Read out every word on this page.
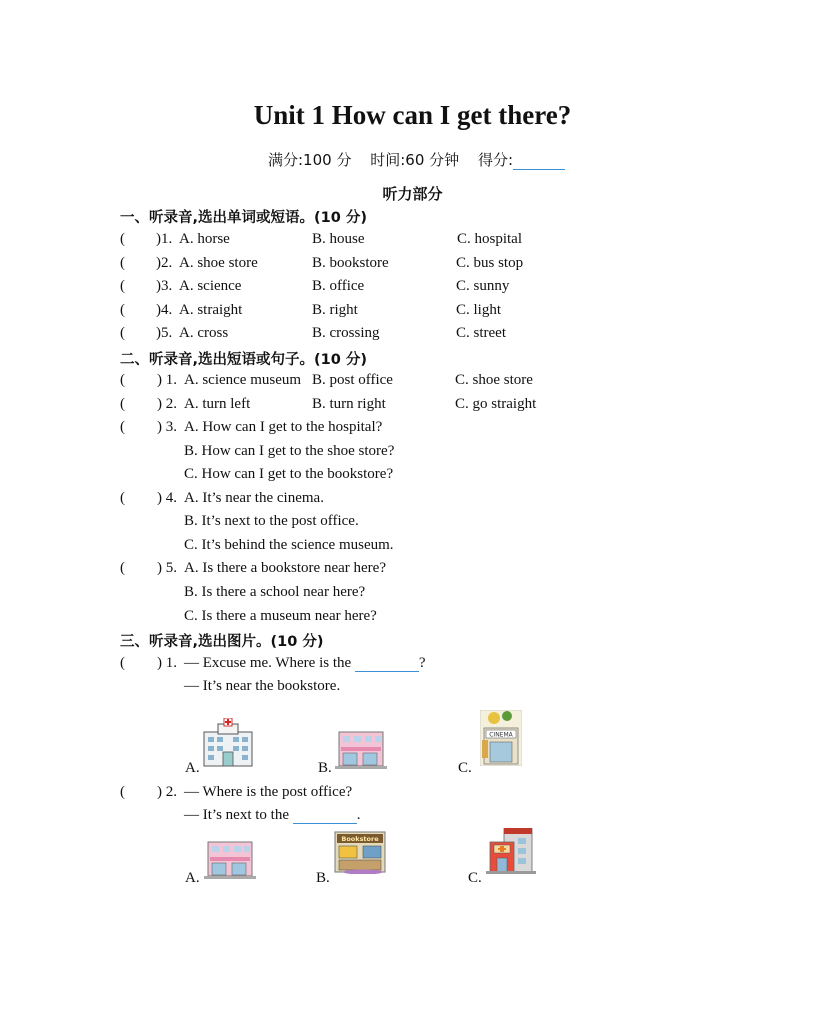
Unit 1 How can I get there?
满分:100 分 时间:60 分钟 得分:
听力部分
一、听录音,选出单词或短语。(10 分)
( )1. A. horse	B. house	C. hospital
( )2. A. shoe store	B. bookstore	C. bus stop
( )3. A. science	B. office	C. sunny
( )4. A. straight	B. right	C. light
( )5. A. cross	B. crossing	C. street
二、听录音,选出短语或句子。(10 分)
( ) 1. A. science museum B. post office	C. shoe store
( ) 2. A. turn left	B. turn right	C. go straight
( ) 3. A. How can I get to the hospital?
B. How can I get to the shoe store?
C. How can I get to the bookstore?
( ) 4. A. It’s near the cinema.
B. It’s next to the post office.
C. It’s behind the science museum.
( ) 5. A. Is there a bookstore near here?
B. Is there a school near here?
C. Is there a museum near here?
三、听录音,选出图片。(10 分)
( ) 1. — Excuse me. Where is the	?
— It’s near the bookstore.
A.	B.	C.
CINEMA
( ) 2. — Where is the post office?
— It’s next to the	.
A.	B.
Bookstore
C.
